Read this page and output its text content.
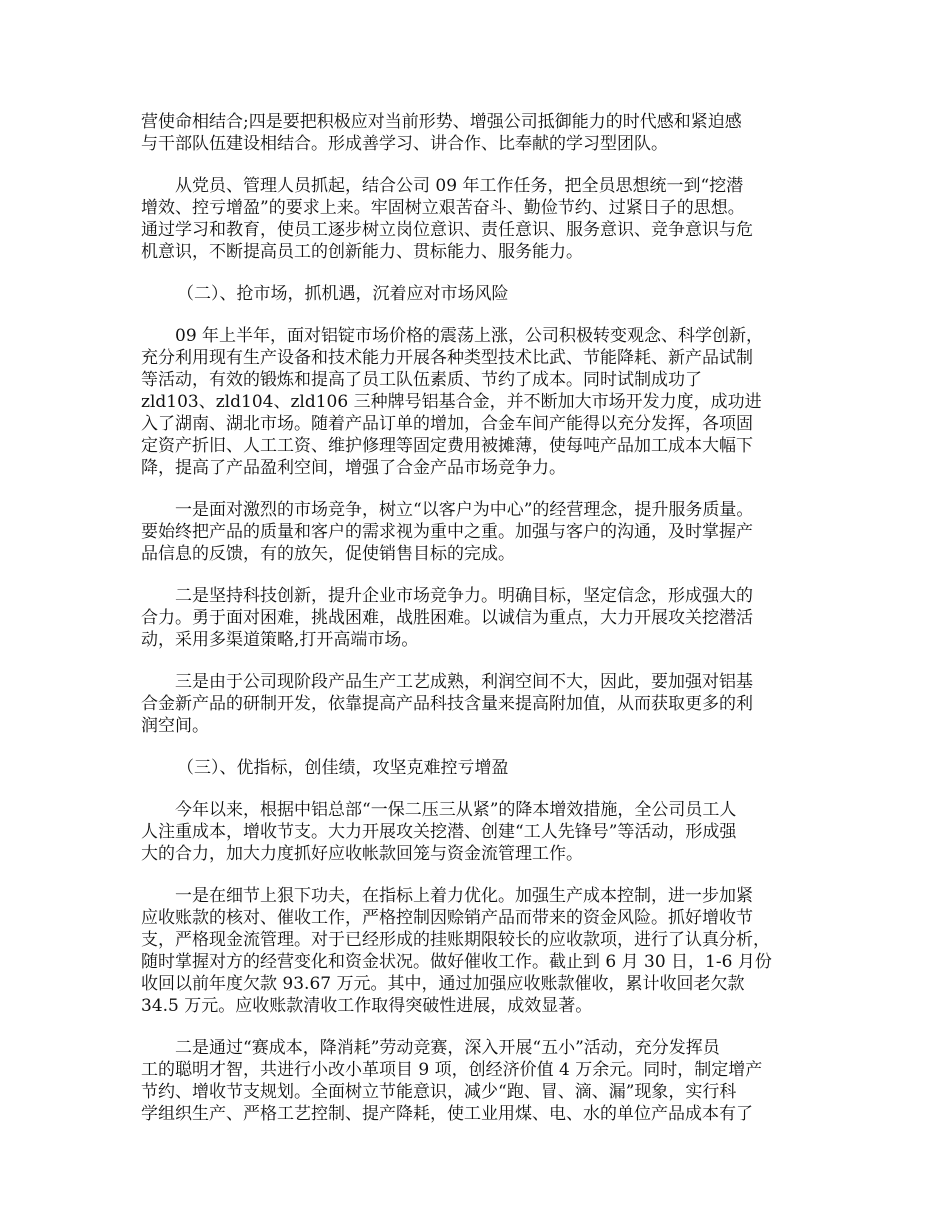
营使命相结合;四是要把积极应对当前形势、增强公司抵御能力的时代感和紧迫感
与干部队伍建设相结合。形成善学习、讲合作、比奉献的学习型团队。
　　从党员、管理人员抓起，结合公司 09 年工作任务，把全员思想统一到“挖潜
增效、控亏增盈”的要求上来。牢固树立艰苦奋斗、勤俭节约、过紧日子的思想。
通过学习和教育，使员工逐步树立岗位意识、责任意识、服务意识、竞争意识与危
机意识，不断提高员工的创新能力、贯标能力、服务能力。
（二）、抢市场，抓机遇，沉着应对市场风险
　　09 年上半年，面对铝锭市场价格的震荡上涨，公司积极转变观念、科学创新，
充分利用现有生产设备和技术能力开展各种类型技术比武、节能降耗、新产品试制
等活动，有效的锻炼和提高了员工队伍素质、节约了成本。同时试制成功了
zld103、zld104、zld106 三种牌号铝基合金，并不断加大市场开发力度，成功进
入了湖南、湖北市场。随着产品订单的增加，合金车间产能得以充分发挥，各项固
定资产折旧、人工工资、维护修理等固定费用被摊薄，使每吨产品加工成本大幅下
降，提高了产品盈利空间，增强了合金产品市场竞争力。
　　一是面对激烈的市场竞争，树立“以客户为中心”的经营理念，提升服务质量。
要始终把产品的质量和客户的需求视为重中之重。加强与客户的沟通，及时掌握产
品信息的反馈，有的放矢，促使销售目标的完成。
　　二是坚持科技创新，提升企业市场竞争力。明确目标，坚定信念，形成强大的
合力。勇于面对困难，挑战困难，战胜困难。以诚信为重点，大力开展攻关挖潜活
动，采用多渠道策略,打开高端市场。
　　三是由于公司现阶段产品生产工艺成熟，利润空间不大，因此，要加强对铝基
合金新产品的研制开发，依靠提高产品科技含量来提高附加值，从而获取更多的利
润空间。
（三）、优指标，创佳绩，攻坚克难控亏增盈
　　今年以来，根据中铝总部“一保二压三从紧”的降本增效措施，全公司员工人
人注重成本，增收节支。大力开展攻关挖潜、创建“工人先锋号”等活动，形成强
大的合力，加大力度抓好应收帐款回笼与资金流管理工作。
　　一是在细节上狠下功夫，在指标上着力优化。加强生产成本控制，进一步加紧
应收账款的核对、催收工作，严格控制因赊销产品而带来的资金风险。抓好增收节
支，严格现金流管理。对于已经形成的挂账期限较长的应收款项，进行了认真分析，
随时掌握对方的经营变化和资金状况。做好催收工作。截止到 6 月 30 日，1-6 月份
收回以前年度欠款 93.67 万元。其中，通过加强应收账款催收，累计收回老欠款
34.5 万元。应收账款清收工作取得突破性进展，成效显著。
　　二是通过“赛成本，降消耗”劳动竞赛，深入开展“五小”活动，充分发挥员
工的聪明才智，共进行小改小革项目 9 项，创经济价值 4 万余元。同时，制定增产
节约、增收节支规划。全面树立节能意识，减少“跑、冒、滴、漏”现象，实行科
学组织生产、严格工艺控制、提产降耗，使工业用煤、电、水的单位产品成本有了
